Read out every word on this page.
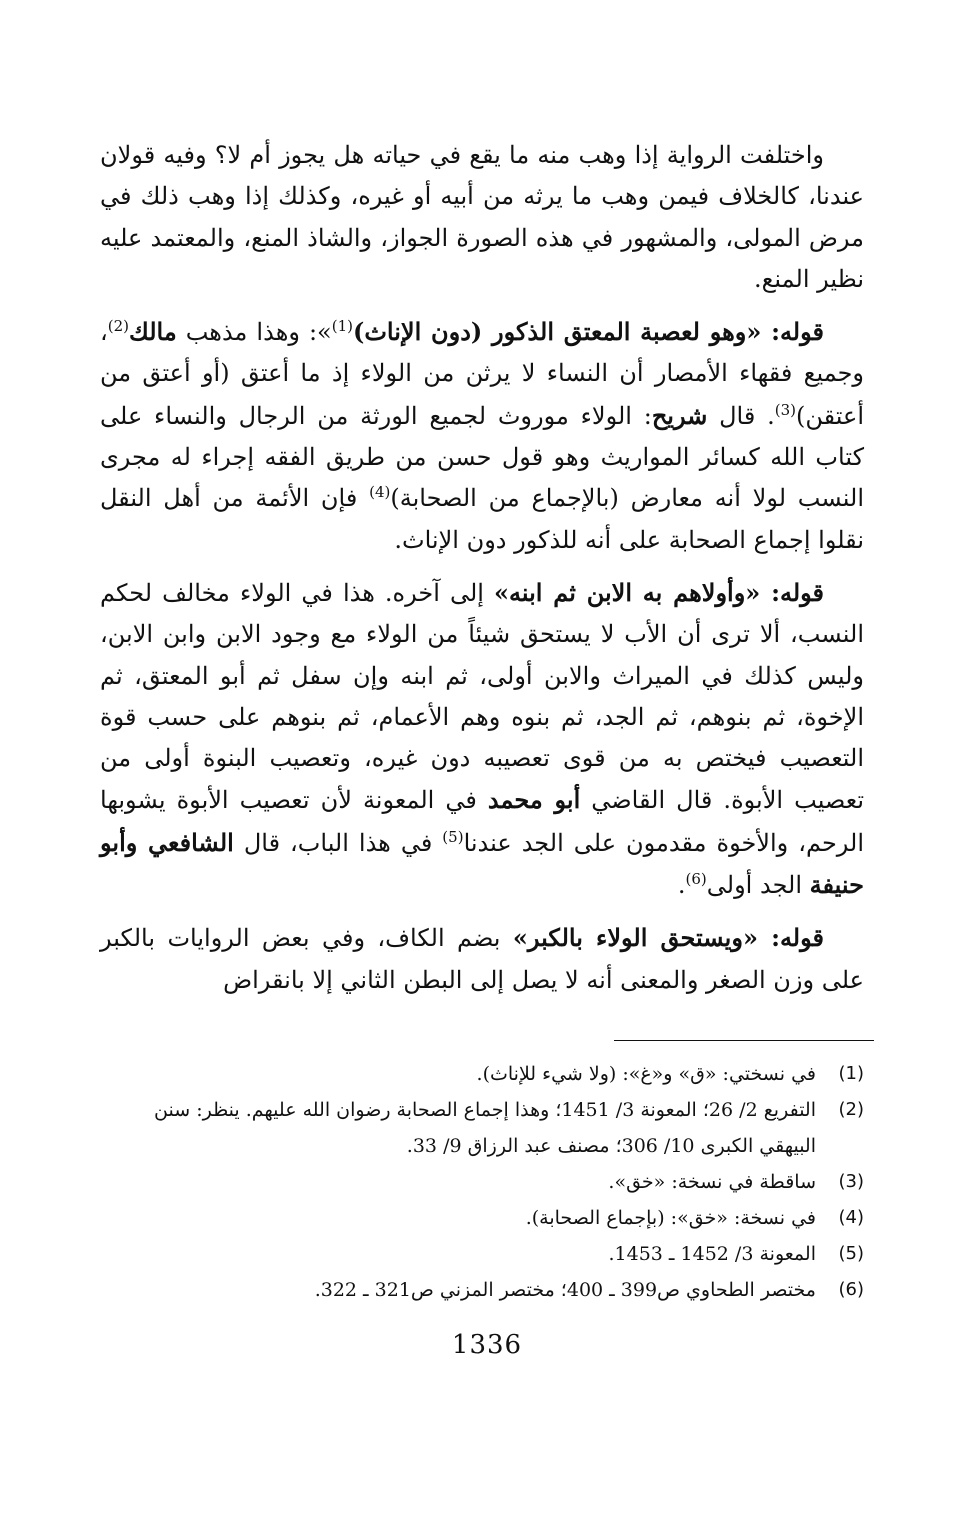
واختلفت الرواية إذا وهب منه ما يقع في حياته هل يجوز أم لا؟ وفيه قولان عندنا، كالخلاف فيمن وهب ما يرثه من أبيه أو غيره، وكذلك إذا وهب ذلك في مرض المولى، والمشهور في هذه الصورة الجواز، والشاذ المنع، والمعتمد عليه نظير المنع.

قوله: «وهو لعصبة المعتق الذكور (دون الإناث)$^{(1)}$»: وهذا مذهب مالك$^{(2)}$، وجميع فقهاء الأمصار أن النساء لا يرثن من الولاء إذ ما أعتق (أو أعتق من أعتقن)$^{(3)}$. قال شريح: الولاء موروث لجميع الورثة من الرجال والنساء على كتاب الله كسائر المواريث وهو قول حسن من طريق الفقه إجراء له مجرى النسب لولا أنه معارض (بالإجماع من الصحابة)$^{(4)}$ فإن الأئمة من أهل النقل نقلوا إجماع الصحابة على أنه للذكور دون الإناث.

قوله: «وأولاهم به الابن ثم ابنه» إلى آخره. هذا في الولاء مخالف لحكم النسب، ألا ترى أن الأب لا يستحق شيئاً من الولاء مع وجود الابن وابن الابن، وليس كذلك في الميراث والابن أولى، ثم ابنه وإن سفل ثم أبو المعتق، ثم الإخوة، ثم بنوهم، ثم الجد، ثم بنوه وهم الأعمام، ثم بنوهم على حسب قوة التعصيب فيختص به من قوى تعصيبه دون غيره، وتعصيب البنوة أولى من تعصيب الأبوة. قال القاضي أبو محمد في المعونة لأن تعصيب الأبوة يشوبها الرحم، والأخوة مقدمون على الجد عندنا$^{(5)}$ في هذا الباب، قال الشافعي وأبو حنيفة الجد أولى$^{(6)}$.

قوله: «ويستحق الولاء بالكبر» بضم الكاف، وفي بعض الروايات بالكبر على وزن الصغر والمعنى أنه لا يصل إلى البطن الثاني إلا بانقراض

(1)
في نسختي: «ق» و«غ»: (ولا شيء للإناث).
(2)
التفريع 2/ 26؛ المعونة 3/ 1451؛ وهذا إجماع الصحابة رضوان الله عليهم. ينظر: سنن البيهقي الكبرى 10/ 306؛ مصنف عبد الرزاق 9/ 33.
(3)
ساقطة في نسخة: «خق».
(4)
في نسخة: «خق»: (بإجماع الصحابة).
(5)
المعونة 3/ 1452 ـ 1453.
(6)
مختصر الطحاوي ص399 ـ 400؛ مختصر المزني ص321 ـ 322.
1336
